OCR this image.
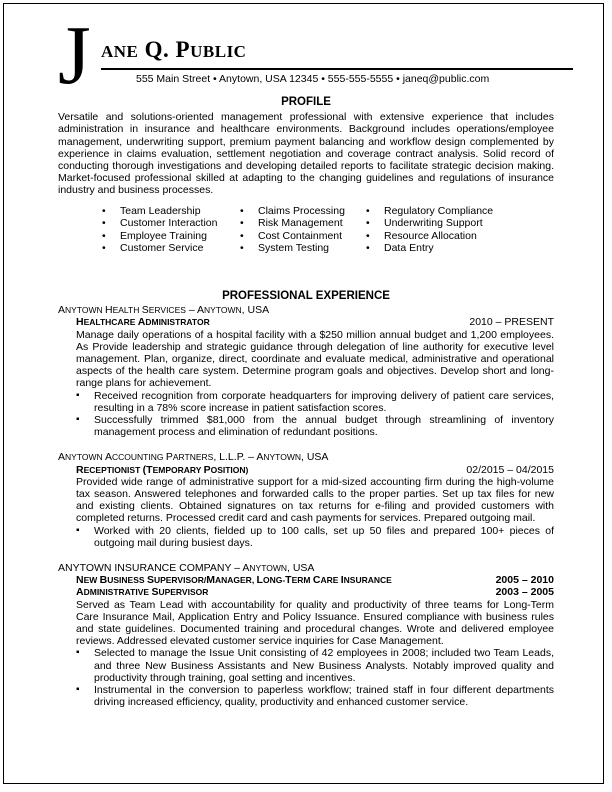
J ANE Q. PUBLIC
555 Main Street • Anytown, USA 12345 • 555-555-5555 • janeq@public.com
PROFILE

Versatile and solutions-oriented management professional with extensive experience that includes administration in insurance and healthcare environments. Background includes operations/employee management, underwriting support, premium payment balancing and workflow design complemented by experience in claims evaluation, settlement negotiation and coverage contract analysis. Solid record of conducting thorough investigations and developing detailed reports to facilitate strategic decision making. Market-focused professional skilled at adapting to the changing guidelines and regulations of insurance industry and business processes.

• Team Leadership
• Customer Interaction
• Employee Training
• Customer Service
• Claims Processing
• Risk Management
• Cost Containment
• System Testing
• Regulatory Compliance
• Underwriting Support
• Resource Allocation
• Data Entry
PROFESSIONAL EXPERIENCE
ANYTOWN HEALTH SERVICES – ANYTOWN, USA
HEALTHCARE ADMINISTRATOR	2010 – PRESENT

Manage daily operations of a hospital facility with a $250 million annual budget and 1,200 employees. As Provide leadership and strategic guidance through delegation of line authority for executive level management. Plan, organize, direct, coordinate and evaluate medical, administrative and operational aspects of the health care system. Determine program goals and objectives. Develop short and long-range plans for achievement.

▪ Received recognition from corporate headquarters for improving delivery of patient care services, resulting in a 78% score increase in patient satisfaction scores.
▪ Successfully trimmed $81,000 from the annual budget through streamlining of inventory management process and elimination of redundant positions.
ANYTOWN ACCOUNTING PARTNERS, L.L.P. – ANYTOWN, USA
RECEPTIONIST (TEMPORARY POSITION)	02/2015 – 04/2015

Provided wide range of administrative support for a mid-sized accounting firm during the high-volume tax season. Answered telephones and forwarded calls to the proper parties. Set up tax files for new and existing clients. Obtained signatures on tax returns for e-filing and provided customers with completed returns. Processed credit card and cash payments for services. Prepared outgoing mail.

▪ Worked with 20 clients, fielded up to 100 calls, set up 50 files and prepared 100+ pieces of outgoing mail during busiest days.
ANYTOWN INSURANCE COMPANY – ANYTOWN, USA
NEW BUSINESS SUPERVISOR/MANAGER, LONG-TERM CARE INSURANCE	2005 – 2010
ADMINISTRATIVE SUPERVISOR	2003 – 2005

Served as Team Lead with accountability for quality and productivity of three teams for Long-Term Care Insurance Mail, Application Entry and Policy Issuance. Ensured compliance with business rules and state guidelines. Documented training and procedural changes. Wrote and delivered employee reviews. Addressed elevated customer service inquiries for Case Management.

▪ Selected to manage the Issue Unit consisting of 42 employees in 2008; included two Team Leads, and three New Business Assistants and New Business Analysts. Notably improved quality and productivity through training, goal setting and incentives.
▪ Instrumental in the conversion to paperless workflow; trained staff in four different departments driving increased efficiency, quality, productivity and enhanced customer service.
